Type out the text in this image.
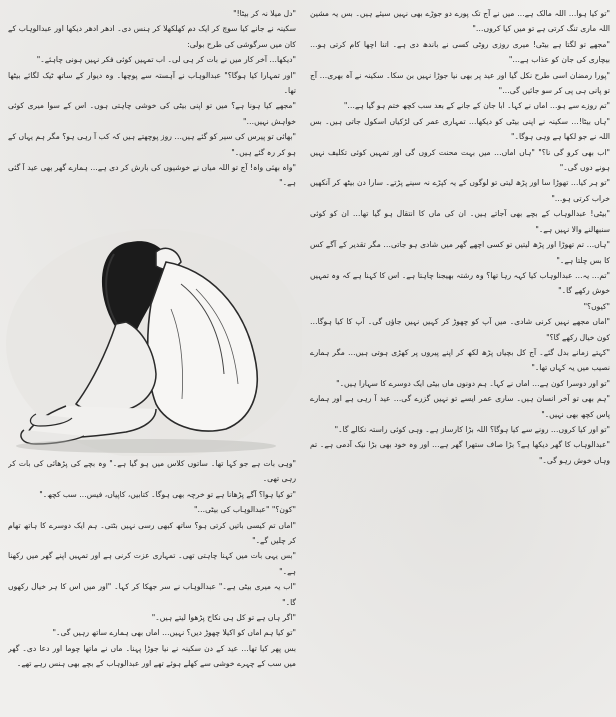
"تو کیا ہوا… اللہ مالک ہے… میں نے آج تک پورے دو جوڑے بھی نہیں سیئے ہیں۔ بس یہ مشین اللہ ماری تنگ کرتی ہے تو میں کیا کروں…"

"مجھے تو لگتا ہے بیٹی! میری روزی روٹی کسی نے باندھ دی ہے۔ اتنا اچھا کام کرتی ہو… بیچاری کی جان کو عذاب ہے…"

"پورا رمضان اسی طرح نکل گیا اور عید پر بھی نیا جوڑا نہیں بن سکا۔ سکینہ نے آہ بھری… آج تو پانی ہی پی کر سو جائیں گی…"

"تم روزے سے ہو… اماں نے کہا۔ ابا جان کے جانے کے بعد سب کچھ ختم ہو گیا ہے…"

"ہاں بیٹا!… سکینہ نے اپنی بیٹی کو دیکھا… تمہاری عمر کی لڑکیاں اسکول جاتی ہیں۔ بس اللہ نے جو لکھا ہے وہی ہوگا۔"

"اب بھی کرو گی نا؟" "ہاں اماں… میں بہت محنت کروں گی اور تمہیں کوئی تکلیف نہیں ہونے دوں گی۔"

"تو ہر کیا… تھوڑا سا اور پڑھ لیتی تو لوگوں کے یہ کپڑے نہ سینے پڑتے۔ سارا دن بیٹھ کر آنکھیں خراب کرتی ہو…"

"بیٹی! عبدالوہاب کے بچے بھی آجاتے ہیں۔ ان کی ماں کا انتقال ہو گیا تھا… ان کو کوئی سنبھالنے والا نہیں ہے۔"

"ہاں… تم تھوڑا اور پڑھ لیتیں تو کسی اچھے گھر میں شادی ہو جاتی… مگر تقدیر کے آگے کس کا بس چلتا ہے۔"

"تم… یہ… عبدالوہاب کیا کہہ رہا تھا؟ وہ رشتہ بھیجنا چاہتا ہے۔ اس کا کہنا ہے کہ وہ تمہیں خوش رکھے گا۔"

"کیوں؟"

"اماں مجھے نہیں کرنی شادی۔ میں آپ کو چھوڑ کر کہیں نہیں جاؤں گی۔ آپ کا کیا ہوگا… کون خیال رکھے گا؟"

"کہتے زمانے بدل گئے۔ آج کل بچیاں پڑھ لکھ کر اپنے پیروں پر کھڑی ہوتی ہیں… مگر ہمارے نصیب میں یہ کہاں تھا۔"

"تو اور دوسرا کون ہے… اماں نے کہا۔ ہم دونوں ماں بیٹی ایک دوسرے کا سہارا ہیں۔"

"ہم بھی تو آخر انسان ہیں۔ ساری عمر ایسے تو نہیں گزرے گی… عید آ رہی ہے اور ہمارے پاس کچھ بھی نہیں۔"

"تو اور کیا کروں… رونے سے کیا ہوگا؟ اللہ بڑا کارساز ہے۔ وہی کوئی راستہ نکالے گا۔"

"عبدالوہاب کا گھر دیکھا ہے؟ بڑا صاف ستھرا گھر ہے… اور وہ خود بھی بڑا نیک آدمی ہے۔ تم وہاں خوش رہو گی۔"

"دل میلا نہ کر بیٹا!"

سکینہ نے جانے کیا سوچ کر ایک دم کھلکھلا کر ہنس دی۔ ادھر ادھر دیکھا اور عبدالوہاب کے کان میں سرگوشی کی طرح بولی:

"دیکھا… آخر کار میں نے بات کر ہی لی۔ اب تمہیں کوئی فکر نہیں ہونی چاہئے۔"

"اور تمہارا کیا ہوگا؟" عبدالوہاب نے آہستہ سے پوچھا۔ وہ دیوار کے ساتھ ٹیک لگائے بیٹھا تھا۔

"مجھے کیا ہونا ہے؟ میں تو اپنی بیٹی کی خوشی چاہتی ہوں۔ اس کے سوا میری کوئی خواہش نہیں…"

"بھائی تو پیرس کی سیر کو گئے ہیں… روز پوچھتے ہیں کہ کب آ رہی ہو؟ مگر ہم یہاں کے ہو کر رہ گئے ہیں۔"

"واہ بھئی واہ! آج تو اللہ میاں نے خوشیوں کی بارش کر دی ہے… ہمارے گھر بھی عید آ گئی ہے۔"

"وہی بات ہے جو کہا تھا۔ ساتوں کلاس میں ہو گیا ہے۔" وہ بچے کی پڑھائی کی بات کر رہی تھی۔

"تو کیا ہوا؟ آگے پڑھانا ہے تو خرچہ بھی ہوگا۔ کتابیں، کاپیاں، فیس… سب کچھ۔"

"کون؟" "عبدالوہاب کی بیٹی…"

"اماں تم کیسی باتیں کرتی ہو؟ ساتھ کبھی رسی نہیں بٹتی۔ ہم ایک دوسرے کا ہاتھ تھام کر چلیں گے۔"

"بس یہی بات میں کہنا چاہتی تھی۔ تمہاری عزت کرنی ہے اور تمہیں اپنے گھر میں رکھنا ہے۔"

"اب یہ میری بیٹی ہے۔" عبدالوہاب نے سر جھکا کر کہا۔ "اور میں اس کا ہر خیال رکھوں گا۔"

"اگر ہاں ہے تو کل ہی نکاح پڑھوا لیتے ہیں۔"

"تو کیا ہم اماں کو اکیلا چھوڑ دیں؟ نہیں… اماں بھی ہمارے ساتھ رہیں گی۔"

بس پھر کیا تھا… عید کے دن سکینہ نے نیا جوڑا پہنا۔ ماں نے ماتھا چوما اور دعا دی۔ گھر میں سب کے چہرے خوشی سے کھلے ہوئے تھے اور عبدالوہاب کے بچے بھی ہنس رہے تھے۔
